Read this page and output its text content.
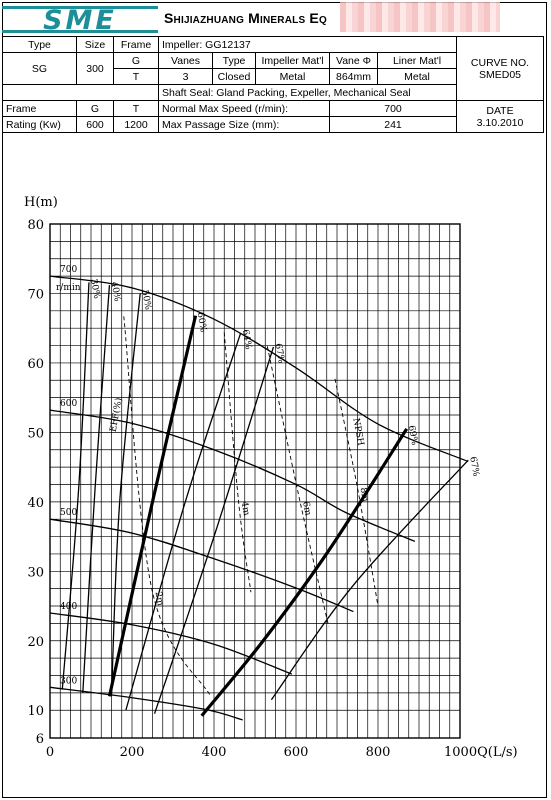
SME	Shijiazhuang Minerals Eq
Type	Size	Frame	Impeller: GG12137					CURVE NO.
SMED05

SG	300	G	Vanes	Type	Impeller Mat'l	Vane Φ	Liner Mat'l	
		T	3	Closed	Metal	864mm	Metal	
			Shaft Seal: Gland Packing, Expeller, Mechanical Seal					
Frame	G	T	Normal Max Speed (r/min):			700		DATE
3.10.2010

Rating (Kw)	600	1200	Max Passage Size (mm):			241		
0	200	400	600	800	1000Q(L/s)
6
10
20
30
40
50
60
70
80
H(m)
700
600
500
400
300
r/min 30% 40% 50%
60%
64%
67%
69%
67%
EFF(%)
2m
4m	6m
8m
NPSH
